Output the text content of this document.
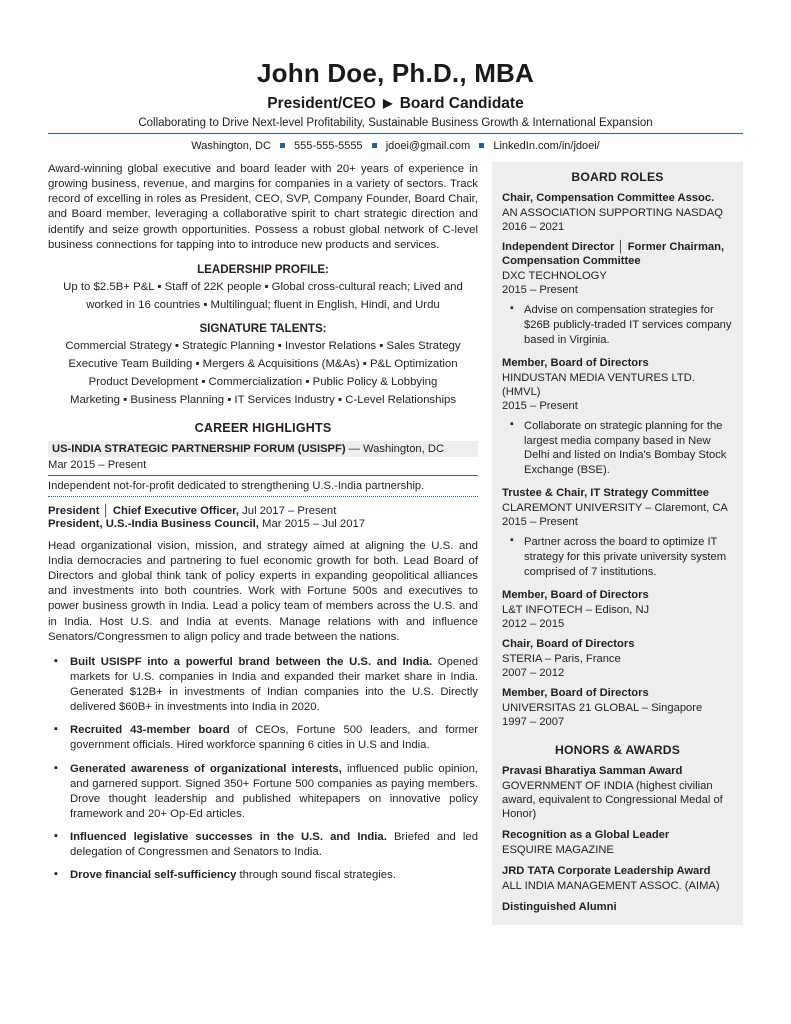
John Doe, Ph.D., MBA
President/CEO ▶ Board Candidate
Collaborating to Drive Next-level Profitability, Sustainable Business Growth & International Expansion
Washington, DC 555-555-5555 jdoei@gmail.com LinkedIn.com/in/jdoei/

Award-winning global executive and board leader with 20+ years of experience in growing business, revenue, and margins for companies in a variety of sectors. Track record of excelling in roles as President, CEO, SVP, Company Founder, Board Chair, and Board member, leveraging a collaborative spirit to chart strategic direction and identify and seize growth opportunities. Possess a robust global network of C-level business connections for tapping into to introduce new products and services.

LEADERSHIP PROFILE:
Up to $2.5B+ P&L ▪ Staff of 22K people ▪ Global cross-cultural reach; Lived and
worked in 16 countries ▪ Multilingual; fluent in English, Hindi, and Urdu
SIGNATURE TALENTS:
Commercial Strategy ▪ Strategic Planning ▪ Investor Relations ▪ Sales Strategy
Executive Team Building ▪ Mergers & Acquisitions (M&As) ▪ P&L Optimization
Product Development ▪ Commercialization ▪ Public Policy & Lobbying
Marketing ▪ Business Planning ▪ IT Services Industry ▪ C-Level Relationships
CAREER HIGHLIGHTS
US-INDIA STRATEGIC PARTNERSHIP FORUM (USISPF) — Washington, DC
Mar 2015 – Present
Independent not-for-profit dedicated to strengthening U.S.-India partnership.
President │ Chief Executive Officer, Jul 2017 – Present
President, U.S.-India Business Council, Mar 2015 – Jul 2017

Head organizational vision, mission, and strategy aimed at aligning the U.S. and India democracies and partnering to fuel economic growth for both. Lead Board of Directors and global think tank of policy experts in expanding geopolitical alliances and investments into both countries. Work with Fortune 500s and executives to power business growth in India. Lead a policy team of members across the U.S. and in India. Host U.S. and India at events. Manage relations with and influence Senators/Congressmen to align policy and trade between the nations.

▪ Built USISPF into a powerful brand between the U.S. and India. Opened markets for U.S. companies in India and expanded their market share in India. Generated $12B+ in investments of Indian companies into the U.S. Directly delivered $60B+ in investments into India in 2020.
▪ Recruited 43-member board of CEOs, Fortune 500 leaders, and former government officials. Hired workforce spanning 6 cities in U.S and India.
▪ Generated awareness of organizational interests, influenced public opinion, and garnered support. Signed 350+ Fortune 500 companies as paying members. Drove thought leadership and published whitepapers on innovative policy framework and 20+ Op-Ed articles.
▪ Influenced legislative successes in the U.S. and India. Briefed and led delegation of Congressmen and Senators to India.
▪ Drove financial self-sufficiency through sound fiscal strategies.
BOARD ROLES
Chair, Compensation Committee Assoc.
AN ASSOCIATION SUPPORTING NASDAQ
2016 – 2021
Independent Director │ Former Chairman, Compensation Committee
DXC TECHNOLOGY
2015 – Present
▪ Advise on compensation strategies for $26B publicly-traded IT services company based in Virginia.
Member, Board of Directors
HINDUSTAN MEDIA VENTURES LTD. (HMVL)
2015 – Present
▪ Collaborate on strategic planning for the largest media company based in New Delhi and listed on India's Bombay Stock Exchange (BSE).
Trustee & Chair, IT Strategy Committee
CLAREMONT UNIVERSITY – Claremont, CA
2015 – Present
▪ Partner across the board to optimize IT strategy for this private university system comprised of 7 institutions.
Member, Board of Directors
L&T INFOTECH – Edison, NJ
2012 – 2015
Chair, Board of Directors
STERIA – Paris, France
2007 – 2012
Member, Board of Directors
UNIVERSITAS 21 GLOBAL – Singapore
1997 – 2007
HONORS & AWARDS
Pravasi Bharatiya Samman Award
GOVERNMENT OF INDIA (highest civilian award, equivalent to Congressional Medal of Honor)
Recognition as a Global Leader
ESQUIRE MAGAZINE
JRD TATA Corporate Leadership Award
ALL INDIA MANAGEMENT ASSOC. (AIMA)
Distinguished Alumni
